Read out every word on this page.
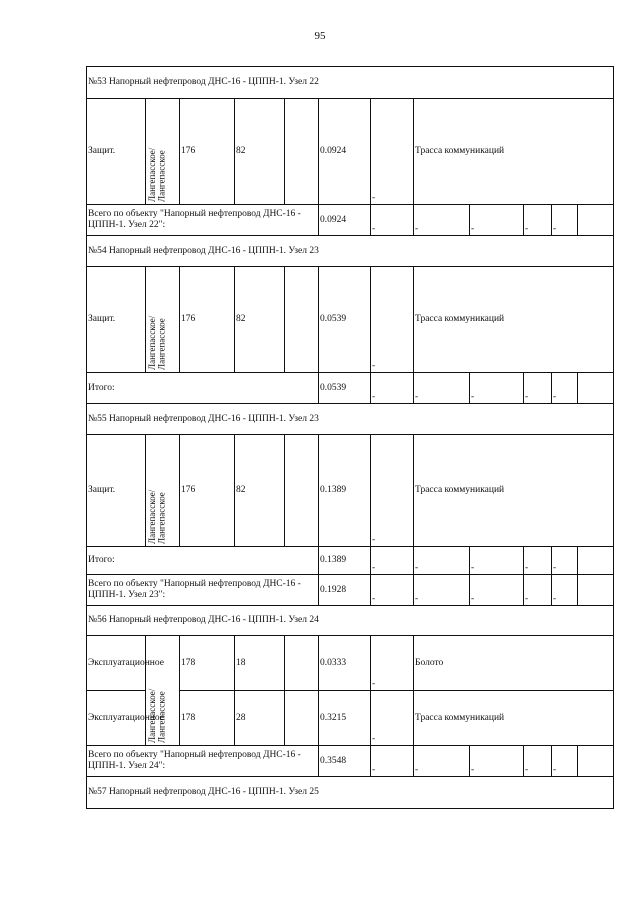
95
№53 Напорный нефтепровод ДНС-16 - ЦППН-1. Узел 22											
Защит.	Лангепасское/Лангепасское	176	82		0.0924	-	Трасса коммуникаций				
Всего по объекту "Напорный нефтепровод ДНС-16 - ЦППН-1. Узел 22":					0.0924	-	-	-	-	-	
№54 Напорный нефтепровод ДНС-16 - ЦППН-1. Узел 23											
Защит.	Лангепасское/Лангепасское	176	82		0.0539	-	Трасса коммуникаций				
Итого:					0.0539	-	-	-	-	-	
№55 Напорный нефтепровод ДНС-16 - ЦППН-1. Узел 23											
Защит.	Лангепасское/Лангепасское	176	82		0.1389	-	Трасса коммуникаций				
Итого:					0.1389	-	-	-	-	-	
Всего по объекту "Напорный нефтепровод ДНС-16 - ЦППН-1. Узел 23":					0.1928	-	-	-	-	-	
№56 Напорный нефтепровод ДНС-16 - ЦППН-1. Узел 24											
Эксплуатационное	Лангепасское/Лангепасское	178	18		0.0333	-	Болото				
Эксплуатационное		178	28		0.3215	-	Трасса коммуникаций				
Всего по объекту "Напорный нефтепровод ДНС-16 - ЦППН-1. Узел 24":					0.3548	-	-	-	-	-	
№57 Напорный нефтепровод ДНС-16 - ЦППН-1. Узел 25											
